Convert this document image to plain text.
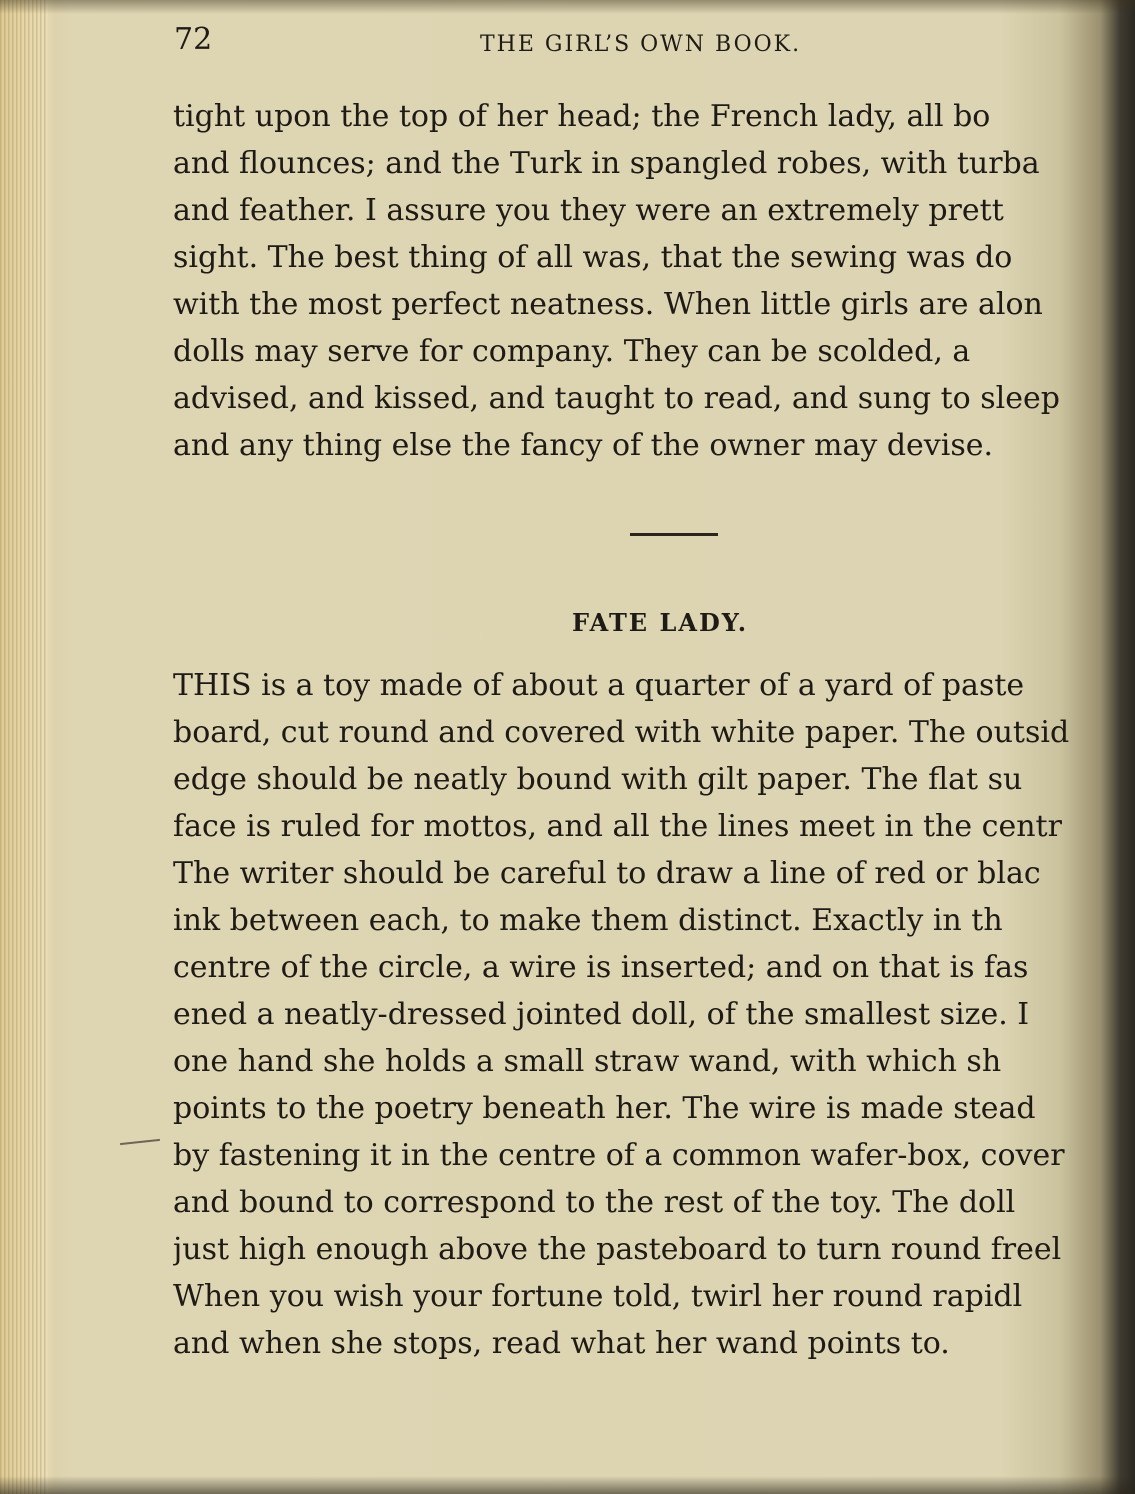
72	THE GIRL’S OWN BOOK.
tight upon the top of her head; the French lady, all bo
and flounces; and the Turk in spangled robes, with turba
and feather. I assure you they were an extremely prett
sight. The best thing of all was, that the sewing was do
with the most perfect neatness. When little girls are alon
dolls may serve for company. They can be scolded, a
advised, and kissed, and taught to read, and sung to sleep
and any thing else the fancy of the owner may devise.
FATE LADY.
THIS is a toy made of about a quarter of a yard of paste
board, cut round and covered with white paper. The outsid
edge should be neatly bound with gilt paper. The flat su
face is ruled for mottos, and all the lines meet in the centr
The writer should be careful to draw a line of red or blac
ink between each, to make them distinct. Exactly in th
centre of the circle, a wire is inserted; and on that is fas
ened a neatly-dressed jointed doll, of the smallest size. I
one hand she holds a small straw wand, with which sh
points to the poetry beneath her. The wire is made stead
by fastening it in the centre of a common wafer-box, cover
and bound to correspond to the rest of the toy. The doll
just high enough above the pasteboard to turn round freel
When you wish your fortune told, twirl her round rapidl
and when she stops, read what her wand points to.
